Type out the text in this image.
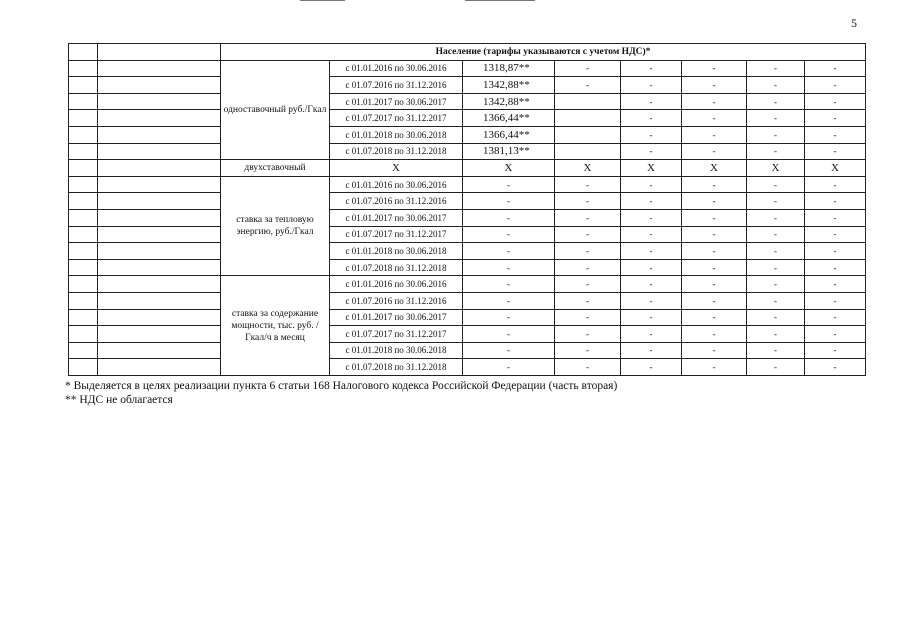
5
		Население (тарифы указываются с учетом НДС)*							
		одноставочный руб./Гкал	с 01.01.2016 по 30.06.2016	1318,87**	-	-	-	-	-
			с 01.07.2016 по 31.12.2016	1342,88**	-	-	-	-	-
			с 01.01.2017 по 30.06.2017	1342,88**		-	-	-	-
			с 01.07.2017 по 31.12.2017	1366,44**		-	-	-	-
			с 01.01.2018 по 30.06.2018	1366,44**		-	-	-	-
			с 01.07.2018 по 31.12.2018	1381,13**		-	-	-	-
		двухставочный	Х	Х	Х	Х	Х	Х	Х
		ставка за тепловую энергию, руб./Гкал	с 01.01.2016 по 30.06.2016	-	-	-	-	-	-
			с 01.07.2016 по 31.12.2016	-	-	-	-	-	-
			с 01.01.2017 по 30.06.2017	-	-	-	-	-	-
			с 01.07.2017 по 31.12.2017	-	-	-	-	-	-
			с 01.01.2018 по 30.06.2018	-	-	-	-	-	-
			с 01.07.2018 по 31.12.2018	-	-	-	-	-	-
		ставка за содержание мощности, тыс. руб. /Гкал/ч в месяц	с 01.01.2016 по 30.06.2016	-	-	-	-	-	-
			с 01.07.2016 по 31.12.2016	-	-	-	-	-	-
			с 01.01.2017 по 30.06.2017	-	-	-	-	-	-
			с 01.07.2017 по 31.12.2017	-	-	-	-	-	-
			с 01.01.2018 по 30.06.2018	-	-	-	-	-	-
			с 01.07.2018 по 31.12.2018	-	-	-	-	-	-
* Выделяется в целях реализации пункта 6 статьи 168 Налогового кодекса Российской Федерации (часть вторая)
** НДС не облагается
